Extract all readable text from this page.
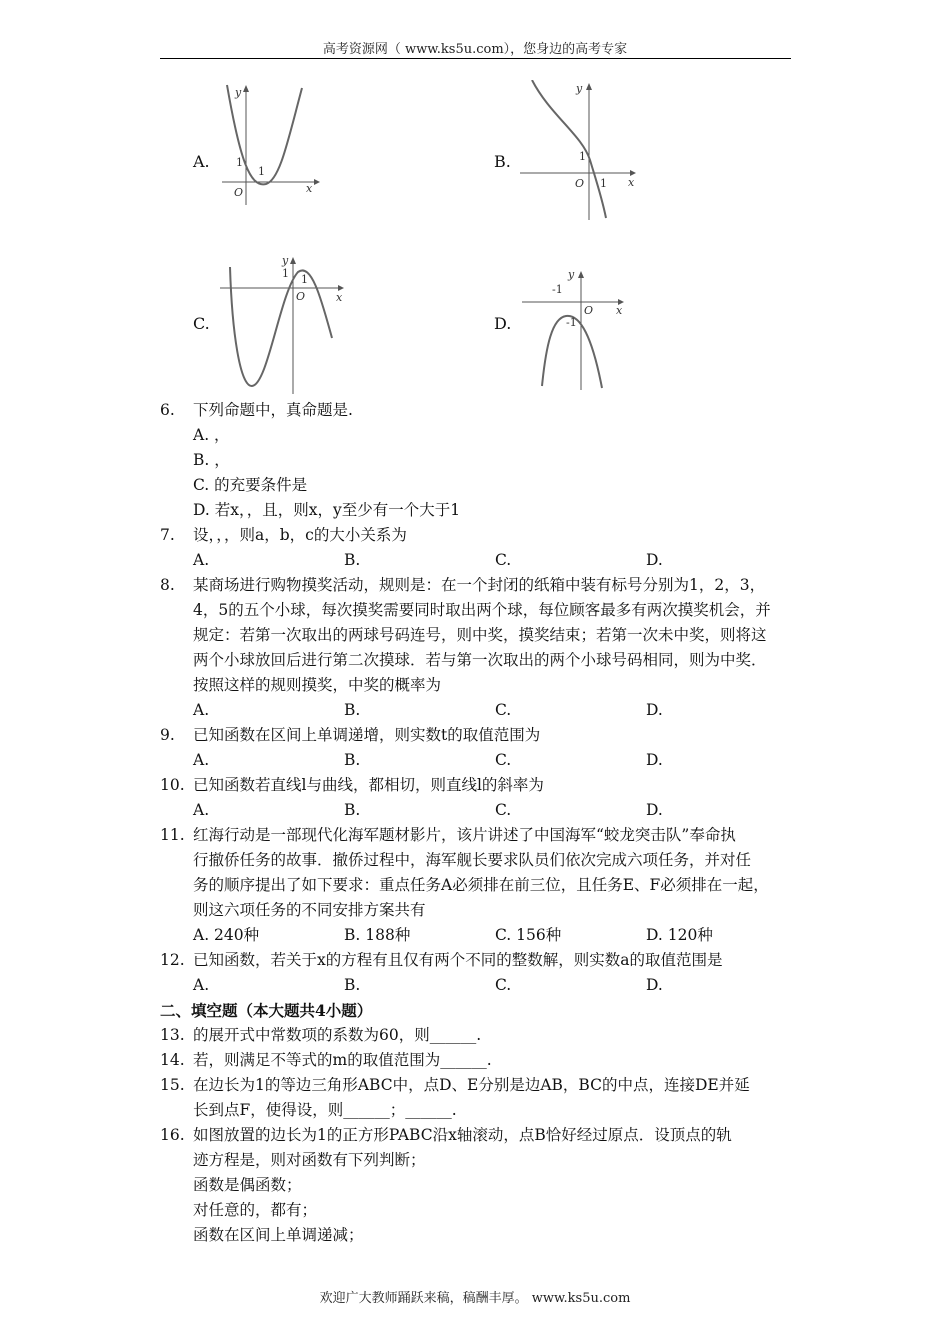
高考资源网（ www.ks5u.com），您身边的高考专家
欢迎广大教师踊跃来稿，稿酬丰厚。 www.ks5u.com
A.
y
x
O
1
1
B.
y
x
O
1
1
C.
y
x
O
1 1
D.
y
x
O
-1
-1
6.	下列命题中，真命题是.
A. ，
B. ，
C. 的充要条件是
D. 若x，，且，则x，y至少有一个大于1
7.	设，，，则a，b，c的大小关系为
A.	B.	C.	D.
8.	某商场进行购物摸奖活动，规则是：在一个封闭的纸箱中装有标号分别为1，2，3，
4，5的五个小球，每次摸奖需要同时取出两个球，每位顾客最多有两次摸奖机会，并
规定：若第一次取出的两球号码连号，则中奖，摸奖结束；若第一次未中奖，则将这
两个小球放回后进行第二次摸球．若与第一次取出的两个小球号码相同，则为中奖．
按照这样的规则摸奖，中奖的概率为
A.	B.	C.	D.
9.	已知函数在区间上单调递增，则实数t的取值范围为
A.	B.	C.	D.
10. 已知函数若直线l与曲线，都相切，则直线l的斜率为
A.	B.	C.	D.
11. 红海行动是一部现代化海军题材影片，该片讲述了中国海军“蛟龙突击队”奉命执
行撤侨任务的故事．撤侨过程中，海军舰长要求队员们依次完成六项任务，并对任
务的顺序提出了如下要求：重点任务A必须排在前三位，且任务E、F必须排在一起，
则这六项任务的不同安排方案共有
A. 240种	B. 188种	C. 156种	D. 120种
12. 已知函数，若关于x的方程有且仅有两个不同的整数解，则实数a的取值范围是
A.	B.	C.	D.
二、填空题（本大题共4小题）
13. 的展开式中常数项的系数为60，则______.
14. 若，则满足不等式的m的取值范围为______.
15. 在边长为1的等边三角形ABC中，点D、E分别是边AB，BC的中点，连接DE并延
长到点F，使得设，则______；______.
16. 如图放置的边长为1的正方形PABC沿x轴滚动，点B恰好经过原点．设顶点的轨
迹方程是，则对函数有下列判断；
函数是偶函数；
对任意的，都有；
函数在区间上单调递减；
